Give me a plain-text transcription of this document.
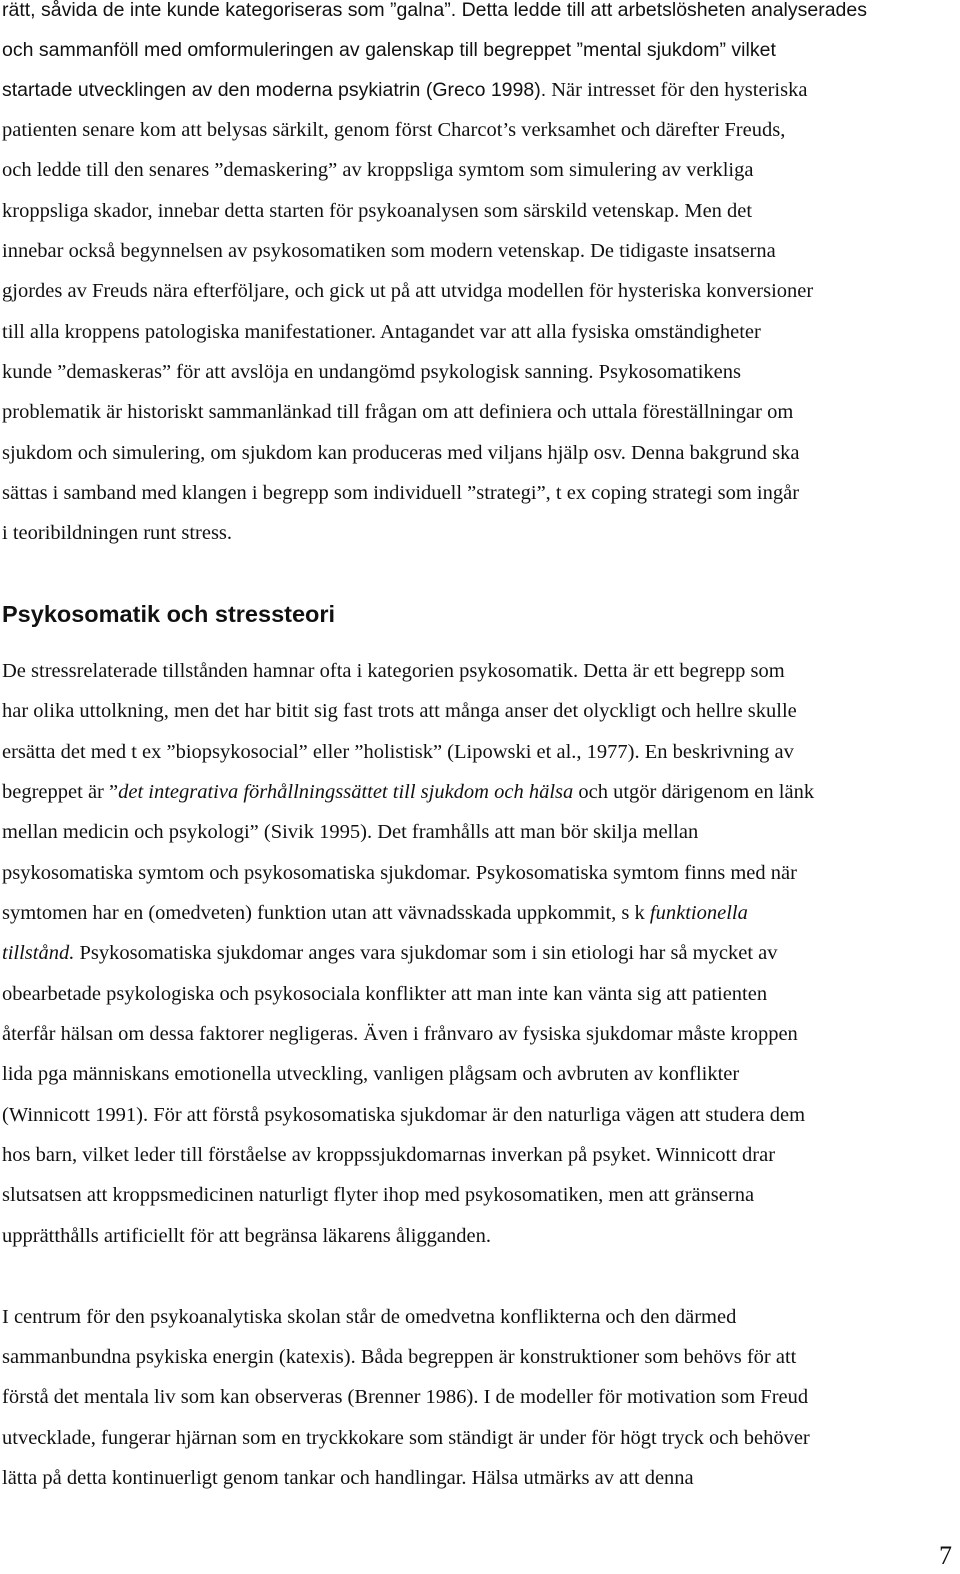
rätt, såvida de inte kunde kategoriseras som ”galna”. Detta ledde till att arbetslösheten analyserades
och sammanföll med omformuleringen av galenskap till begreppet ”mental sjukdom” vilket
startade utvecklingen av den moderna psykiatrin (Greco 1998). När intresset för den hysteriska
patienten senare kom att belysas särkilt, genom först Charcot’s verksamhet och därefter Freuds,
och ledde till den senares ”demaskering” av kroppsliga symtom som simulering av verkliga
kroppsliga skador, innebar detta starten för psykoanalysen som särskild vetenskap. Men det
innebar också begynnelsen av psykosomatiken som modern vetenskap. De tidigaste insatserna
gjordes av Freuds nära efterföljare, och gick ut på att utvidga modellen för hysteriska konversioner
till alla kroppens patologiska manifestationer. Antagandet var att alla fysiska omständigheter
kunde ”demaskeras” för att avslöja en undangömd psykologisk sanning. Psykosomatikens
problematik är historiskt sammanlänkad till frågan om att definiera och uttala föreställningar om
sjukdom och simulering, om sjukdom kan produceras med viljans hjälp osv. Denna bakgrund ska
sättas i samband med klangen i begrepp som individuell ”strategi”, t ex coping strategi som ingår
i teoribildningen runt stress.
Psykosomatik och stressteori
De stressrelaterade tillstånden hamnar ofta i kategorien psykosomatik. Detta är ett begrepp som
har olika uttolkning, men det har bitit sig fast trots att många anser det olyckligt och hellre skulle
ersätta det med t ex ”biopsykosocial” eller ”holistisk” (Lipowski et al., 1977). En beskrivning av
begreppet är ”det integrativa förhållningssättet till sjukdom och hälsa och utgör därigenom en länk
mellan medicin och psykologi” (Sivik 1995). Det framhålls att man bör skilja mellan
psykosomatiska symtom och psykosomatiska sjukdomar. Psykosomatiska symtom finns med när
symtomen har en (omedveten) funktion utan att vävnadsskada uppkommit, s k funktionella
tillstånd. Psykosomatiska sjukdomar anges vara sjukdomar som i sin etiologi har så mycket av
obearbetade psykologiska och psykosociala konflikter att man inte kan vänta sig att patienten
återfår hälsan om dessa faktorer negligeras. Även i frånvaro av fysiska sjukdomar måste kroppen
lida pga människans emotionella utveckling, vanligen plågsam och avbruten av konflikter
(Winnicott 1991). För att förstå psykosomatiska sjukdomar är den naturliga vägen att studera dem
hos barn, vilket leder till förståelse av kroppssjukdomarnas inverkan på psyket. Winnicott drar
slutsatsen att kroppsmedicinen naturligt flyter ihop med psykosomatiken, men att gränserna
upprätthålls artificiellt för att begränsa läkarens åligganden.
I centrum för den psykoanalytiska skolan står de omedvetna konflikterna och den därmed
sammanbundna psykiska energin (katexis). Båda begreppen är konstruktioner som behövs för att
förstå det mentala liv som kan observeras (Brenner 1986). I de modeller för motivation som Freud
utvecklade, fungerar hjärnan som en tryckkokare som ständigt är under för högt tryck och behöver
lätta på detta kontinuerligt genom tankar och handlingar. Hälsa utmärks av att denna
7
